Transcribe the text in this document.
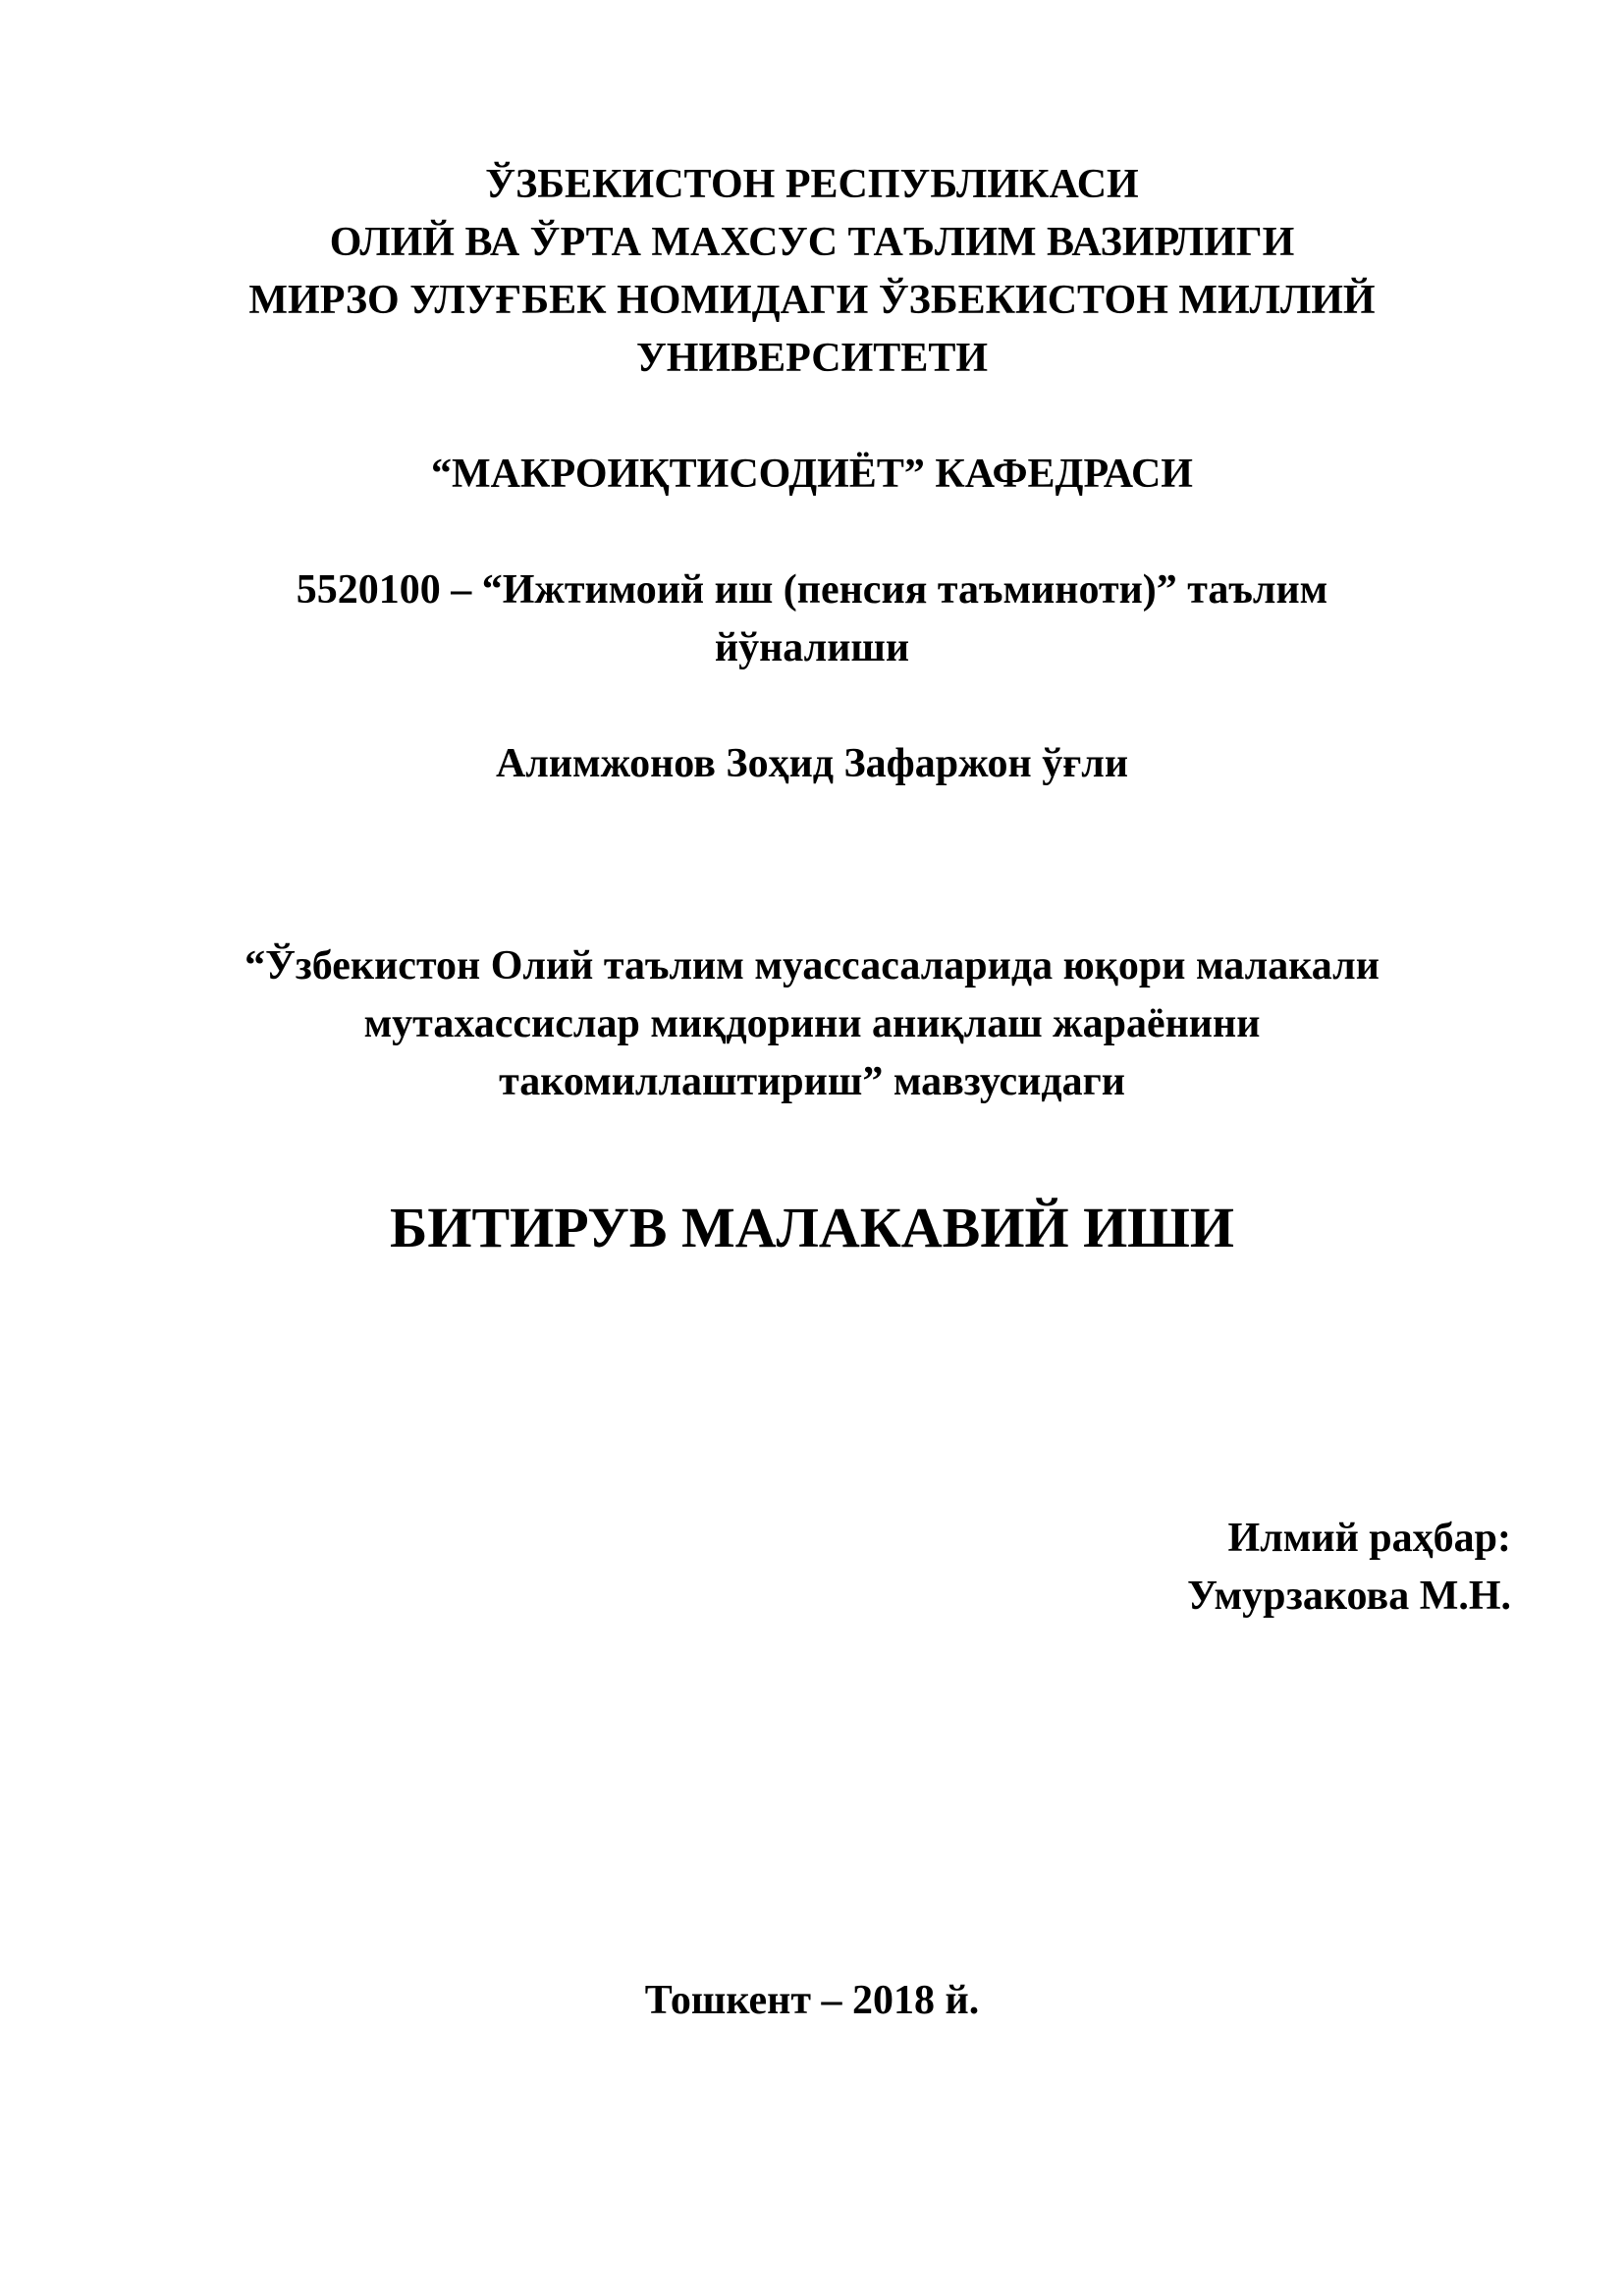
ЎЗБЕКИСТОН РЕСПУБЛИКАСИ
ОЛИЙ ВА ЎРТА МАХСУС ТАЪЛИМ ВАЗИРЛИГИ
МИРЗО УЛУҒБЕК НОМИДАГИ ЎЗБЕКИСТОН МИЛЛИЙ
УНИВЕРСИТЕТИ
“МАКРОИҚТИСОДИЁТ” КАФЕДРАСИ
5520100 – “Ижтимоий иш (пенсия таъминоти)” таълим
йўналиши
Алимжонов Зоҳид Зафаржон ўғли
“Ўзбекистон Олий таълим муассасаларида юқори малакали
мутахассислар миқдорини аниқлаш жараёнини
такомиллаштириш” мавзусидаги
БИТИРУВ МАЛАКАВИЙ ИШИ
Илмий раҳбар:
Умурзакова М.Н.
Тошкент – 2018 й.
